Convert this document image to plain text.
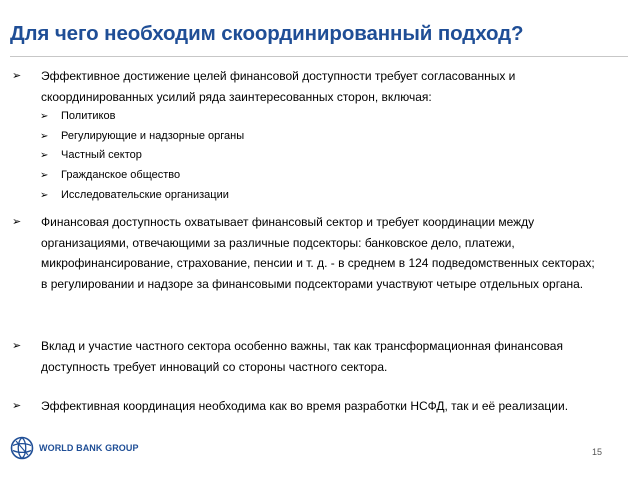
Для чего необходим скоординированный подход?
➢ Эффективное достижение целей финансовой доступности требует согласованных и скоординированных усилий ряда заинтересованных сторон, включая:
➢ Политиков
➢ Регулирующие и надзорные органы
➢ Частный сектор
➢ Гражданское общество
➢ Исследовательские организации
➢ Финансовая доступность охватывает финансовый сектор и требует координации между организациями, отвечающими за различные подсекторы: банковское дело, платежи, микрофинансирование, страхование, пенсии и т. д. - в среднем в 124 подведомственных секторах; в регулировании и надзоре за финансовыми подсекторами участвуют четыре отдельных органа.
➢ Вклад и участие частного сектора особенно важны, так как трансформационная финансовая доступность требует инноваций со стороны частного сектора.
➢ Эффективная координация необходима как во время разработки НСФД, так и её реализации.
WORLD BANK GROUP	15
